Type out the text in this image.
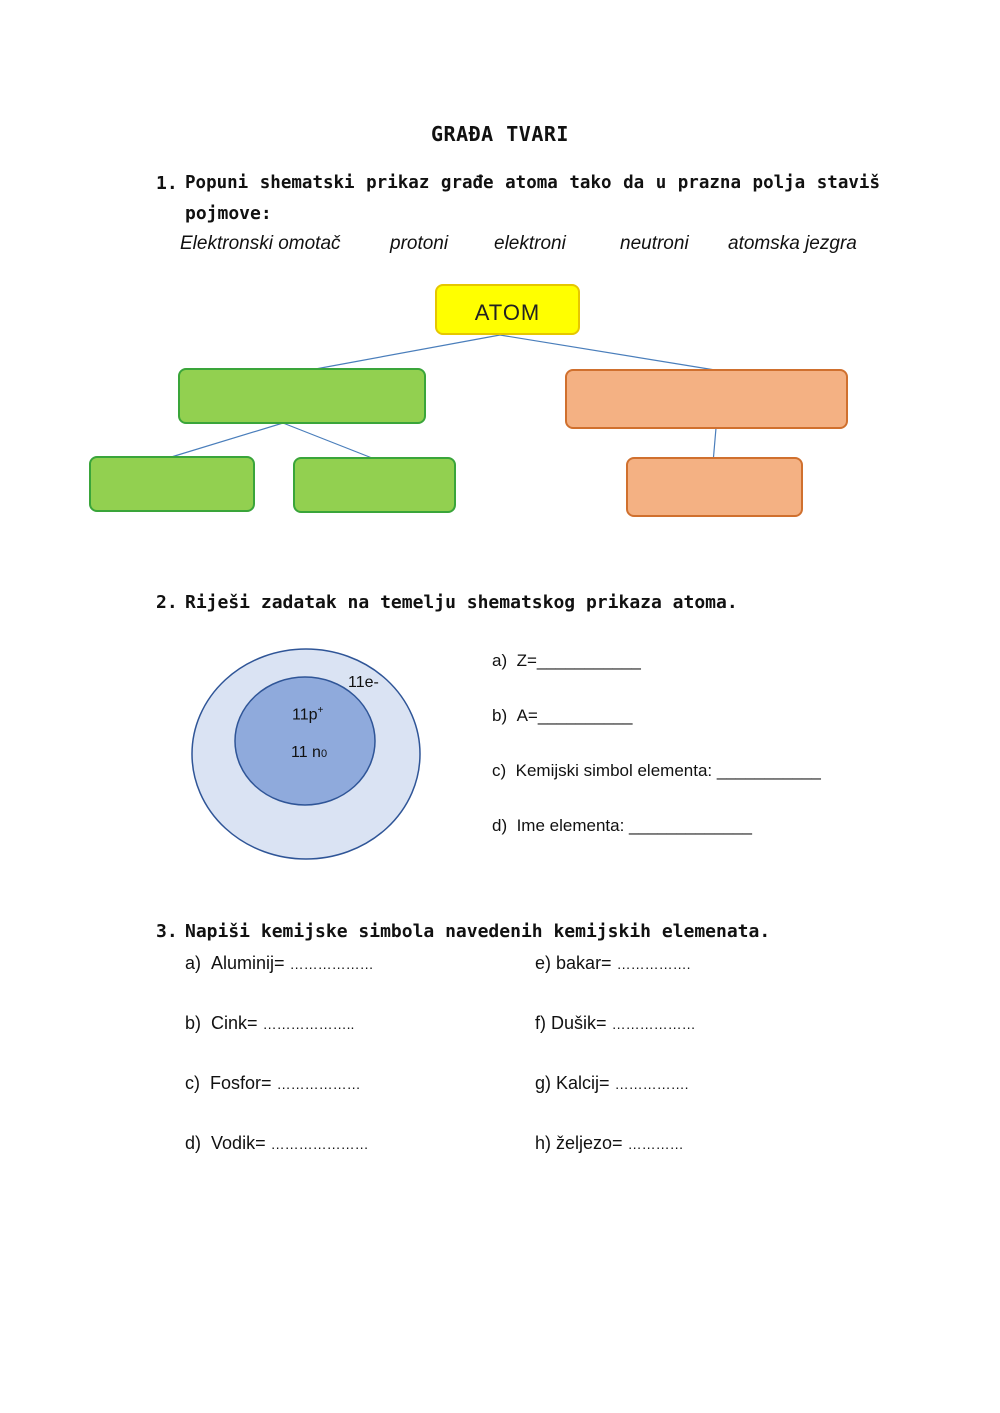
GRAĐA TVARI
1. Popuni shematski prikaz građe atoma tako da u prazna polja staviš
pojmove:
Elektronski omotač	protoni elektroni	neutroni atomska jezgra
ATOM
2. Riješi zadatak na temelju shematskog prikaza atoma.
11e-
11p+
11 n0
a) Z=___________
b) A=__________
c) Kemijski simbol elementa: ___________
d) Ime elementa: _____________
3. Napiši kemijske simbola navedenih kemijskih elemenata.
a) Aluminij= ………………
b) Cink= ………………..
c) Fosfor= ………………
d) Vodik= …………………
e) bakar= …………….
f) Dušik= ………………
g) Kalcij= …………….
h) željezo= …………
